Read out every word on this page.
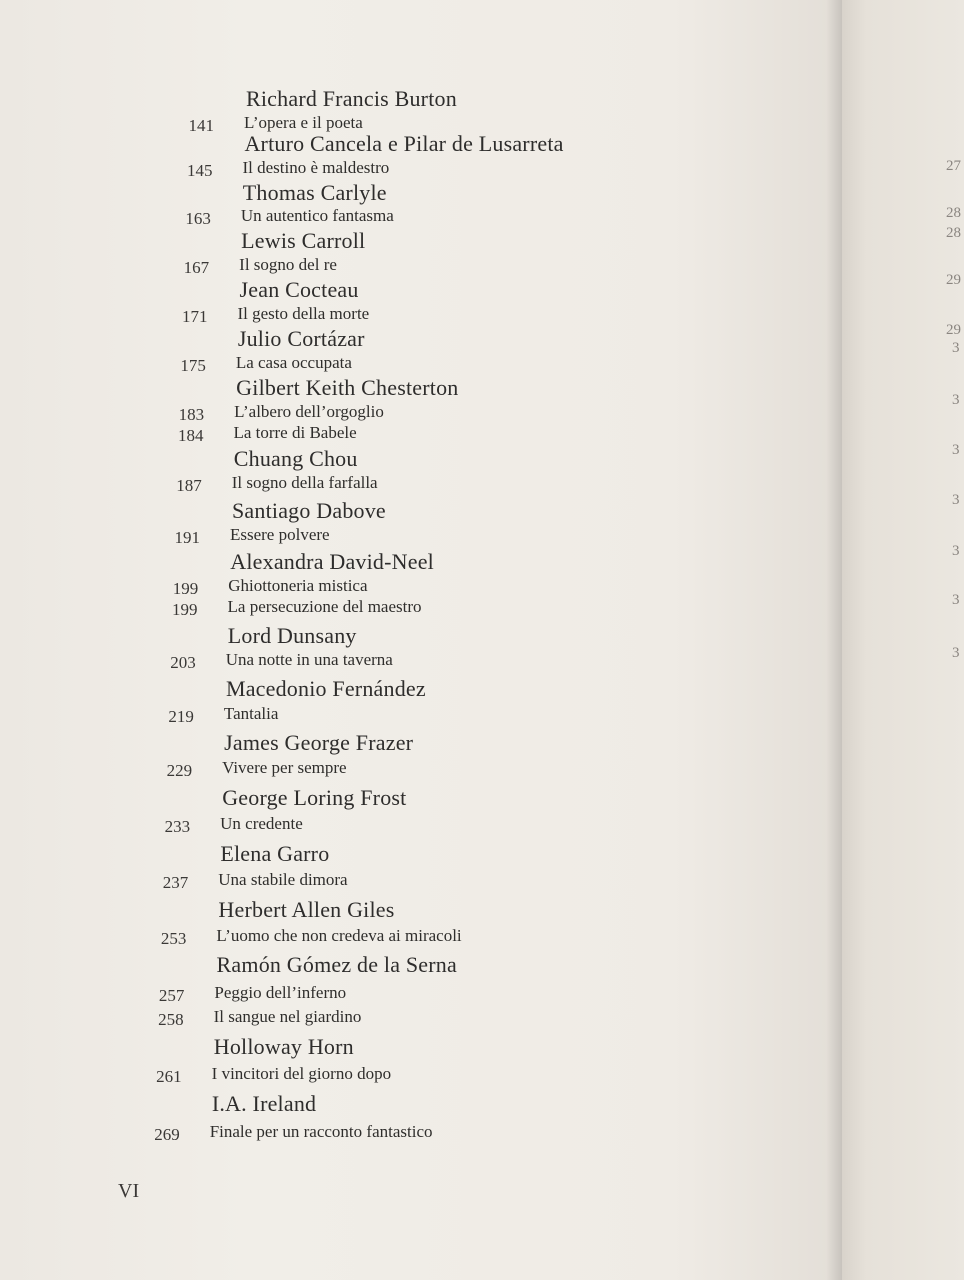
Richard Francis Burton
L’opera e il poeta
141
Arturo Cancela e Pilar de Lusarreta
Il destino è maldestro
145
Thomas Carlyle
Un autentico fantasma
163
Lewis Carroll
Il sogno del re
167
Jean Cocteau
Il gesto della morte
171
Julio Cortázar
La casa occupata
175
Gilbert Keith Chesterton
L’albero dell’orgoglio
183
La torre di Babele
184
Chuang Chou
Il sogno della farfalla
187
Santiago Dabove
Essere polvere
191
Alexandra David-Neel
Ghiottoneria mistica
199
La persecuzione del maestro
199
Lord Dunsany
Una notte in una taverna
203
Macedonio Fernández
Tantalia
219
James George Frazer
Vivere per sempre
229
George Loring Frost
Un credente
233
Elena Garro
Una stabile dimora
237
Herbert Allen Giles
L’uomo che non credeva ai miracoli
253
Ramón Gómez de la Serna
Peggio dell’inferno
257
Il sangue nel giardino
258
Holloway Horn
I vincitori del giorno dopo
261
I.A. Ireland
Finale per un racconto fantastico
269
VI
27
28
28
29
29
3
3
3
3
3
3
3
